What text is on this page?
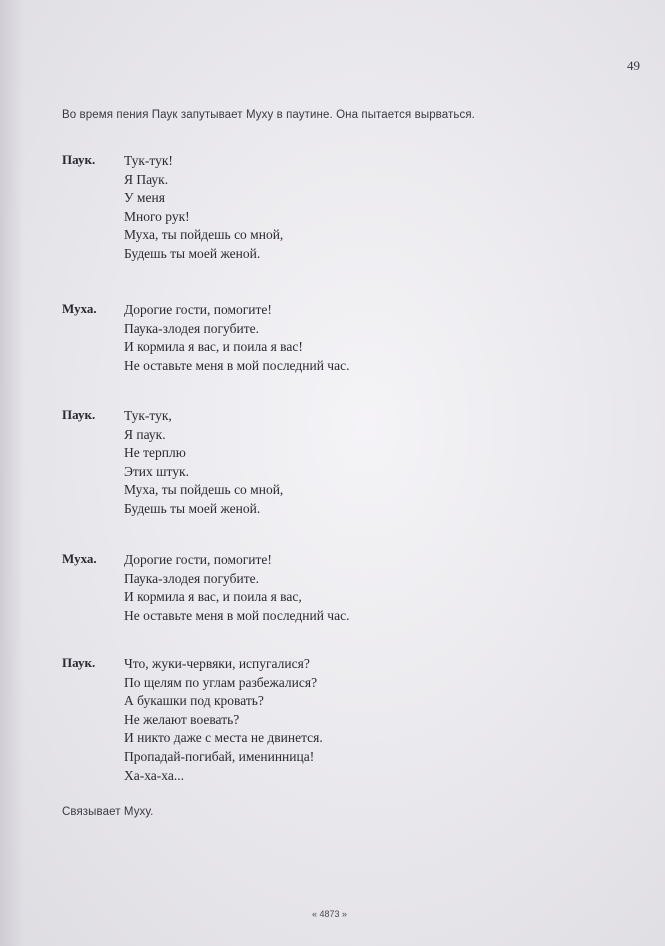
49
Во время пения Паук запутывает Муху в паутине. Она пытается вырваться.
Паук. Тук-тук!
Я Паук.
У меня
Много рук!
Муха, ты пойдешь со мной,
Будешь ты моей женой.
Муха. Дорогие гости, помогите!
Паука-злодея погубите.
И кормила я вас, и поила я вас!
Не оставьте меня в мой последний час.
Паук. Тук-тук,
Я паук.
Не терплю
Этих штук.
Муха, ты пойдешь со мной,
Будешь ты моей женой.
Муха. Дорогие гости, помогите!
Паука-злодея погубите.
И кормила я вас, и поила я вас,
Не оставьте меня в мой последний час.
Паук. Что, жуки-червяки, испугалися?
По щелям по углам разбежалися?
А букашки под кровать?
Не желают воевать?
И никто даже с места не двинется.
Пропадай-погибай, именинница!
Ха-ха-ха...
Связывает Муху.
« 4873 »
